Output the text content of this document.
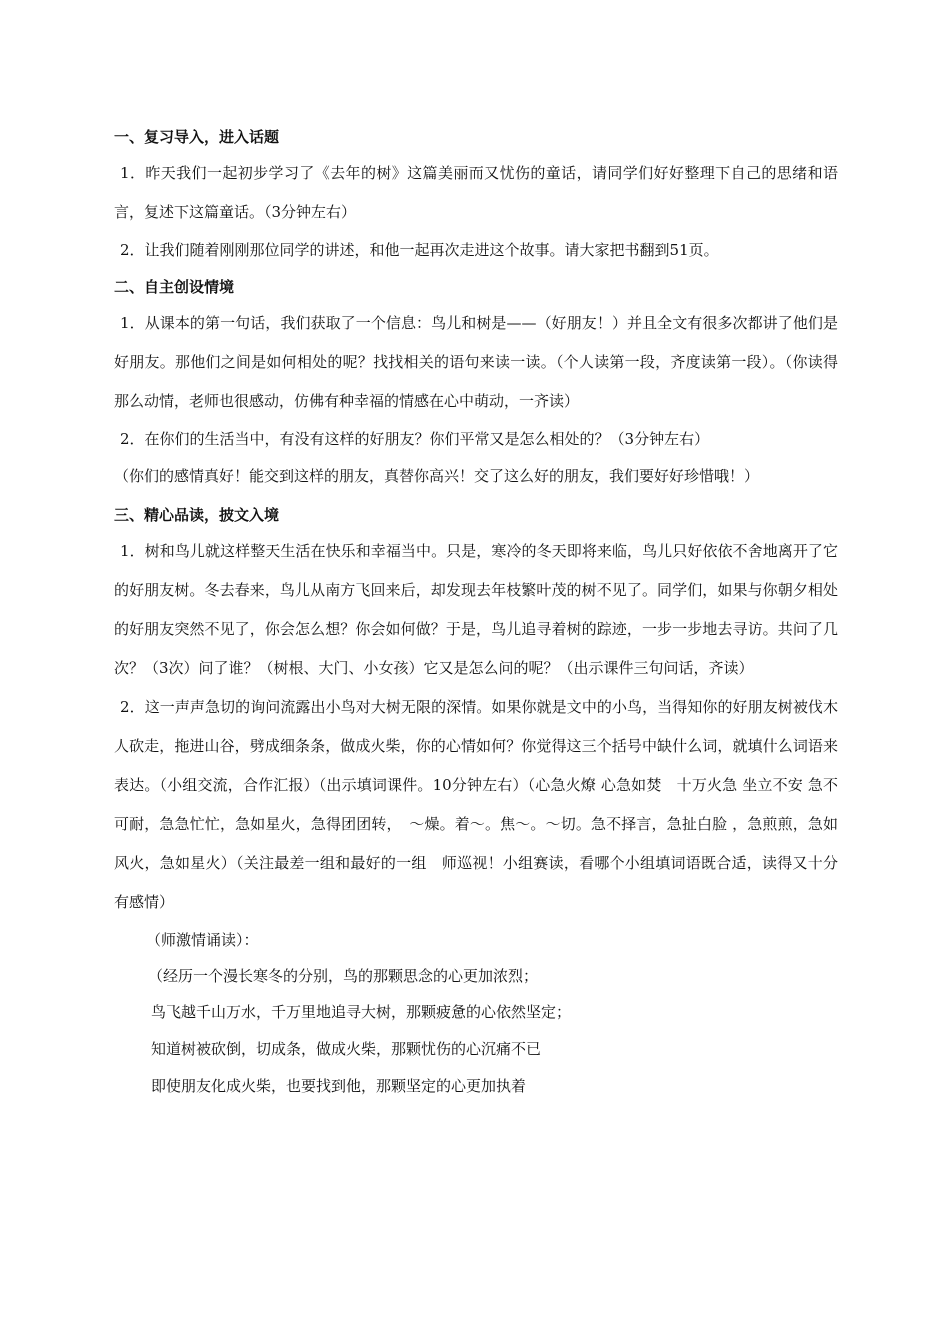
一、复习导入，进入话题

1．昨天我们一起初步学习了《去年的树》这篇美丽而又忧伤的童话，请同学们好好整理下自己的思绪和语言，复述下这篇童话。（3分钟左右）

2．让我们随着刚刚那位同学的讲述，和他一起再次走进这个故事。请大家把书翻到51页。

二、自主创设情境

1．从课本的第一句话，我们获取了一个信息：鸟儿和树是——（好朋友！）并且全文有很多次都讲了他们是好朋友。那他们之间是如何相处的呢？找找相关的语句来读一读。（个人读第一段，齐度读第一段）。（你读得那么动情，老师也很感动，仿佛有种幸福的情感在心中萌动，一齐读）

2．在你们的生活当中，有没有这样的好朋友？你们平常又是怎么相处的？（3分钟左右）

（你们的感情真好！能交到这样的朋友，真替你高兴！交了这么好的朋友，我们要好好珍惜哦！）

三、精心品读，披文入境

1．树和鸟儿就这样整天生活在快乐和幸福当中。只是，寒冷的冬天即将来临，鸟儿只好依依不舍地离开了它的好朋友树。冬去春来，鸟儿从南方飞回来后，却发现去年枝繁叶茂的树不见了。同学们，如果与你朝夕相处的好朋友突然不见了，你会怎么想？你会如何做？于是，鸟儿追寻着树的踪迹，一步一步地去寻访。共问了几次？（3次）问了谁？（树根、大门、小女孩）它又是怎么问的呢？（出示课件三句问话，齐读）

2．这一声声急切的询问流露出小鸟对大树无限的深情。如果你就是文中的小鸟，当得知你的好朋友树被伐木人砍走，拖进山谷，劈成细条条，做成火柴，你的心情如何？你觉得这三个括号中缺什么词，就填什么词语来表达。（小组交流，合作汇报）（出示填词课件。10分钟左右）（心急火燎 心急如焚　十万火急 坐立不安 急不可耐，急急忙忙，急如星火，急得团团转，　～燥。着～。焦～。～切。急不择言，急扯白脸 ，急煎煎，急如风火，急如星火）（关注最差一组和最好的一组　师巡视！小组赛读，看哪个小组填词语既合适，读得又十分有感情）

（师激情诵读）：

（经历一个漫长寒冬的分别，鸟的那颗思念的心更加浓烈；

鸟飞越千山万水，千万里地追寻大树，那颗疲惫的心依然坚定；

知道树被砍倒，切成条，做成火柴，那颗忧伤的心沉痛不已

即使朋友化成火柴，也要找到他，那颗坚定的心更加执着
